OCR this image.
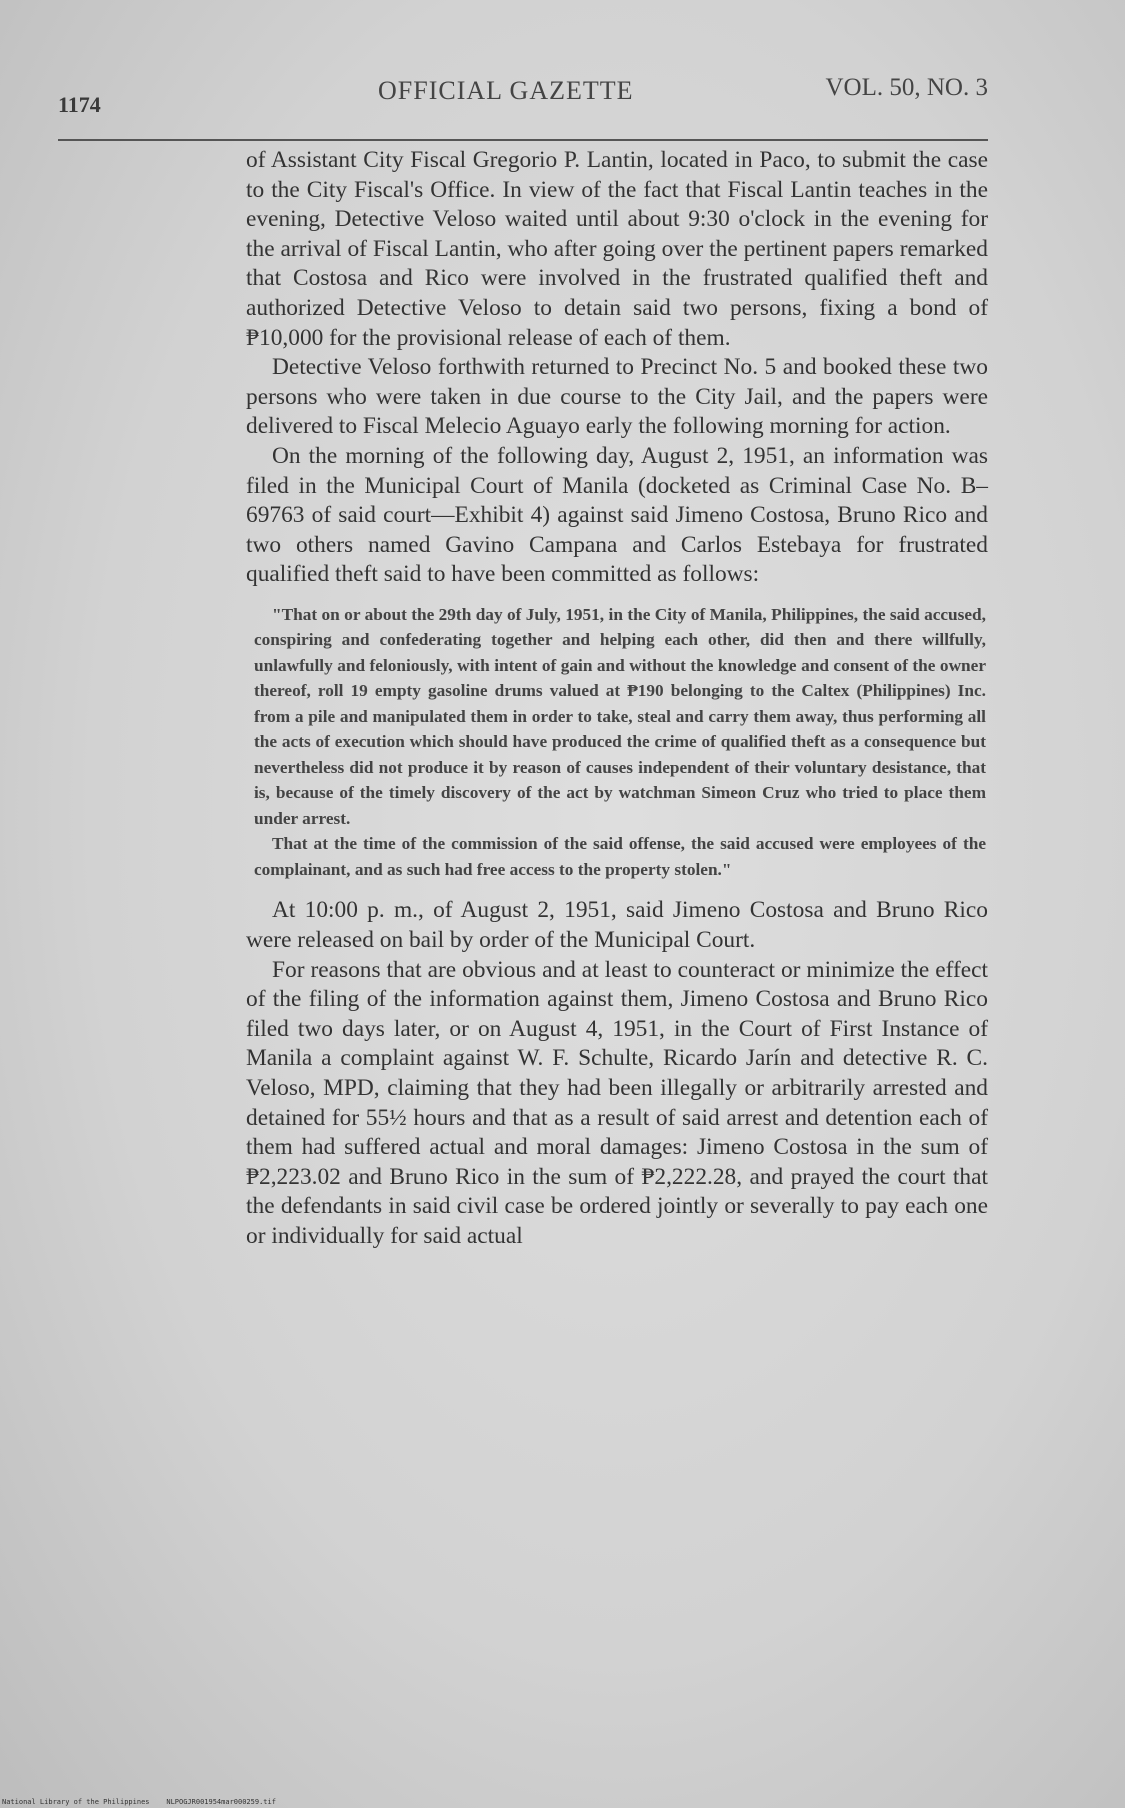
1174	OFFICIAL GAZETTE	VOL. 50, NO. 3

of Assistant City Fiscal Gregorio P. Lantin, located in Paco, to submit the case to the City Fiscal's Office. In view of the fact that Fiscal Lantin teaches in the evening, Detective Veloso waited until about 9:30 o'clock in the evening for the arrival of Fiscal Lantin, who after going over the pertinent papers remarked that Costosa and Rico were involved in the frustrated qualified theft and authorized Detective Veloso to detain said two persons, fixing a bond of ₱10,000 for the provisional release of each of them.

Detective Veloso forthwith returned to Precinct No. 5 and booked these two persons who were taken in due course to the City Jail, and the papers were delivered to Fiscal Melecio Aguayo early the following morning for action.

On the morning of the following day, August 2, 1951, an information was filed in the Municipal Court of Manila (docketed as Criminal Case No. B–69763 of said court—Exhibit 4) against said Jimeno Costosa, Bruno Rico and two others named Gavino Campana and Carlos Estebaya for frustrated qualified theft said to have been committed as follows:

"That on or about the 29th day of July, 1951, in the City of Manila, Philippines, the said accused, conspiring and confederating together and helping each other, did then and there willfully, unlawfully and feloniously, with intent of gain and without the knowledge and consent of the owner thereof, roll 19 empty gasoline drums valued at ₱190 belonging to the Caltex (Philippines) Inc. from a pile and manipulated them in order to take, steal and carry them away, thus performing all the acts of execution which should have produced the crime of qualified theft as a consequence but nevertheless did not produce it by reason of causes independent of their voluntary desistance, that is, because of the timely discovery of the act by watchman Simeon Cruz who tried to place them under arrest.

That at the time of the commission of the said offense, the said accused were employees of the complainant, and as such had free access to the property stolen."

At 10:00 p. m., of August 2, 1951, said Jimeno Costosa and Bruno Rico were released on bail by order of the Municipal Court.

For reasons that are obvious and at least to counteract or minimize the effect of the filing of the information against them, Jimeno Costosa and Bruno Rico filed two days later, or on August 4, 1951, in the Court of First Instance of Manila a complaint against W. F. Schulte, Ricardo Jarín and detective R. C. Veloso, MPD, claiming that they had been illegally or arbitrarily arrested and detained for 55½ hours and that as a result of said arrest and detention each of them had suffered actual and moral damages: Jimeno Costosa in the sum of ₱2,223.02 and Bruno Rico in the sum of ₱2,222.28, and prayed the court that the defendants in said civil case be ordered jointly or severally to pay each one or individually for said actual

National Library of the Philippines    NLPOGJR001954mar000259.tif
